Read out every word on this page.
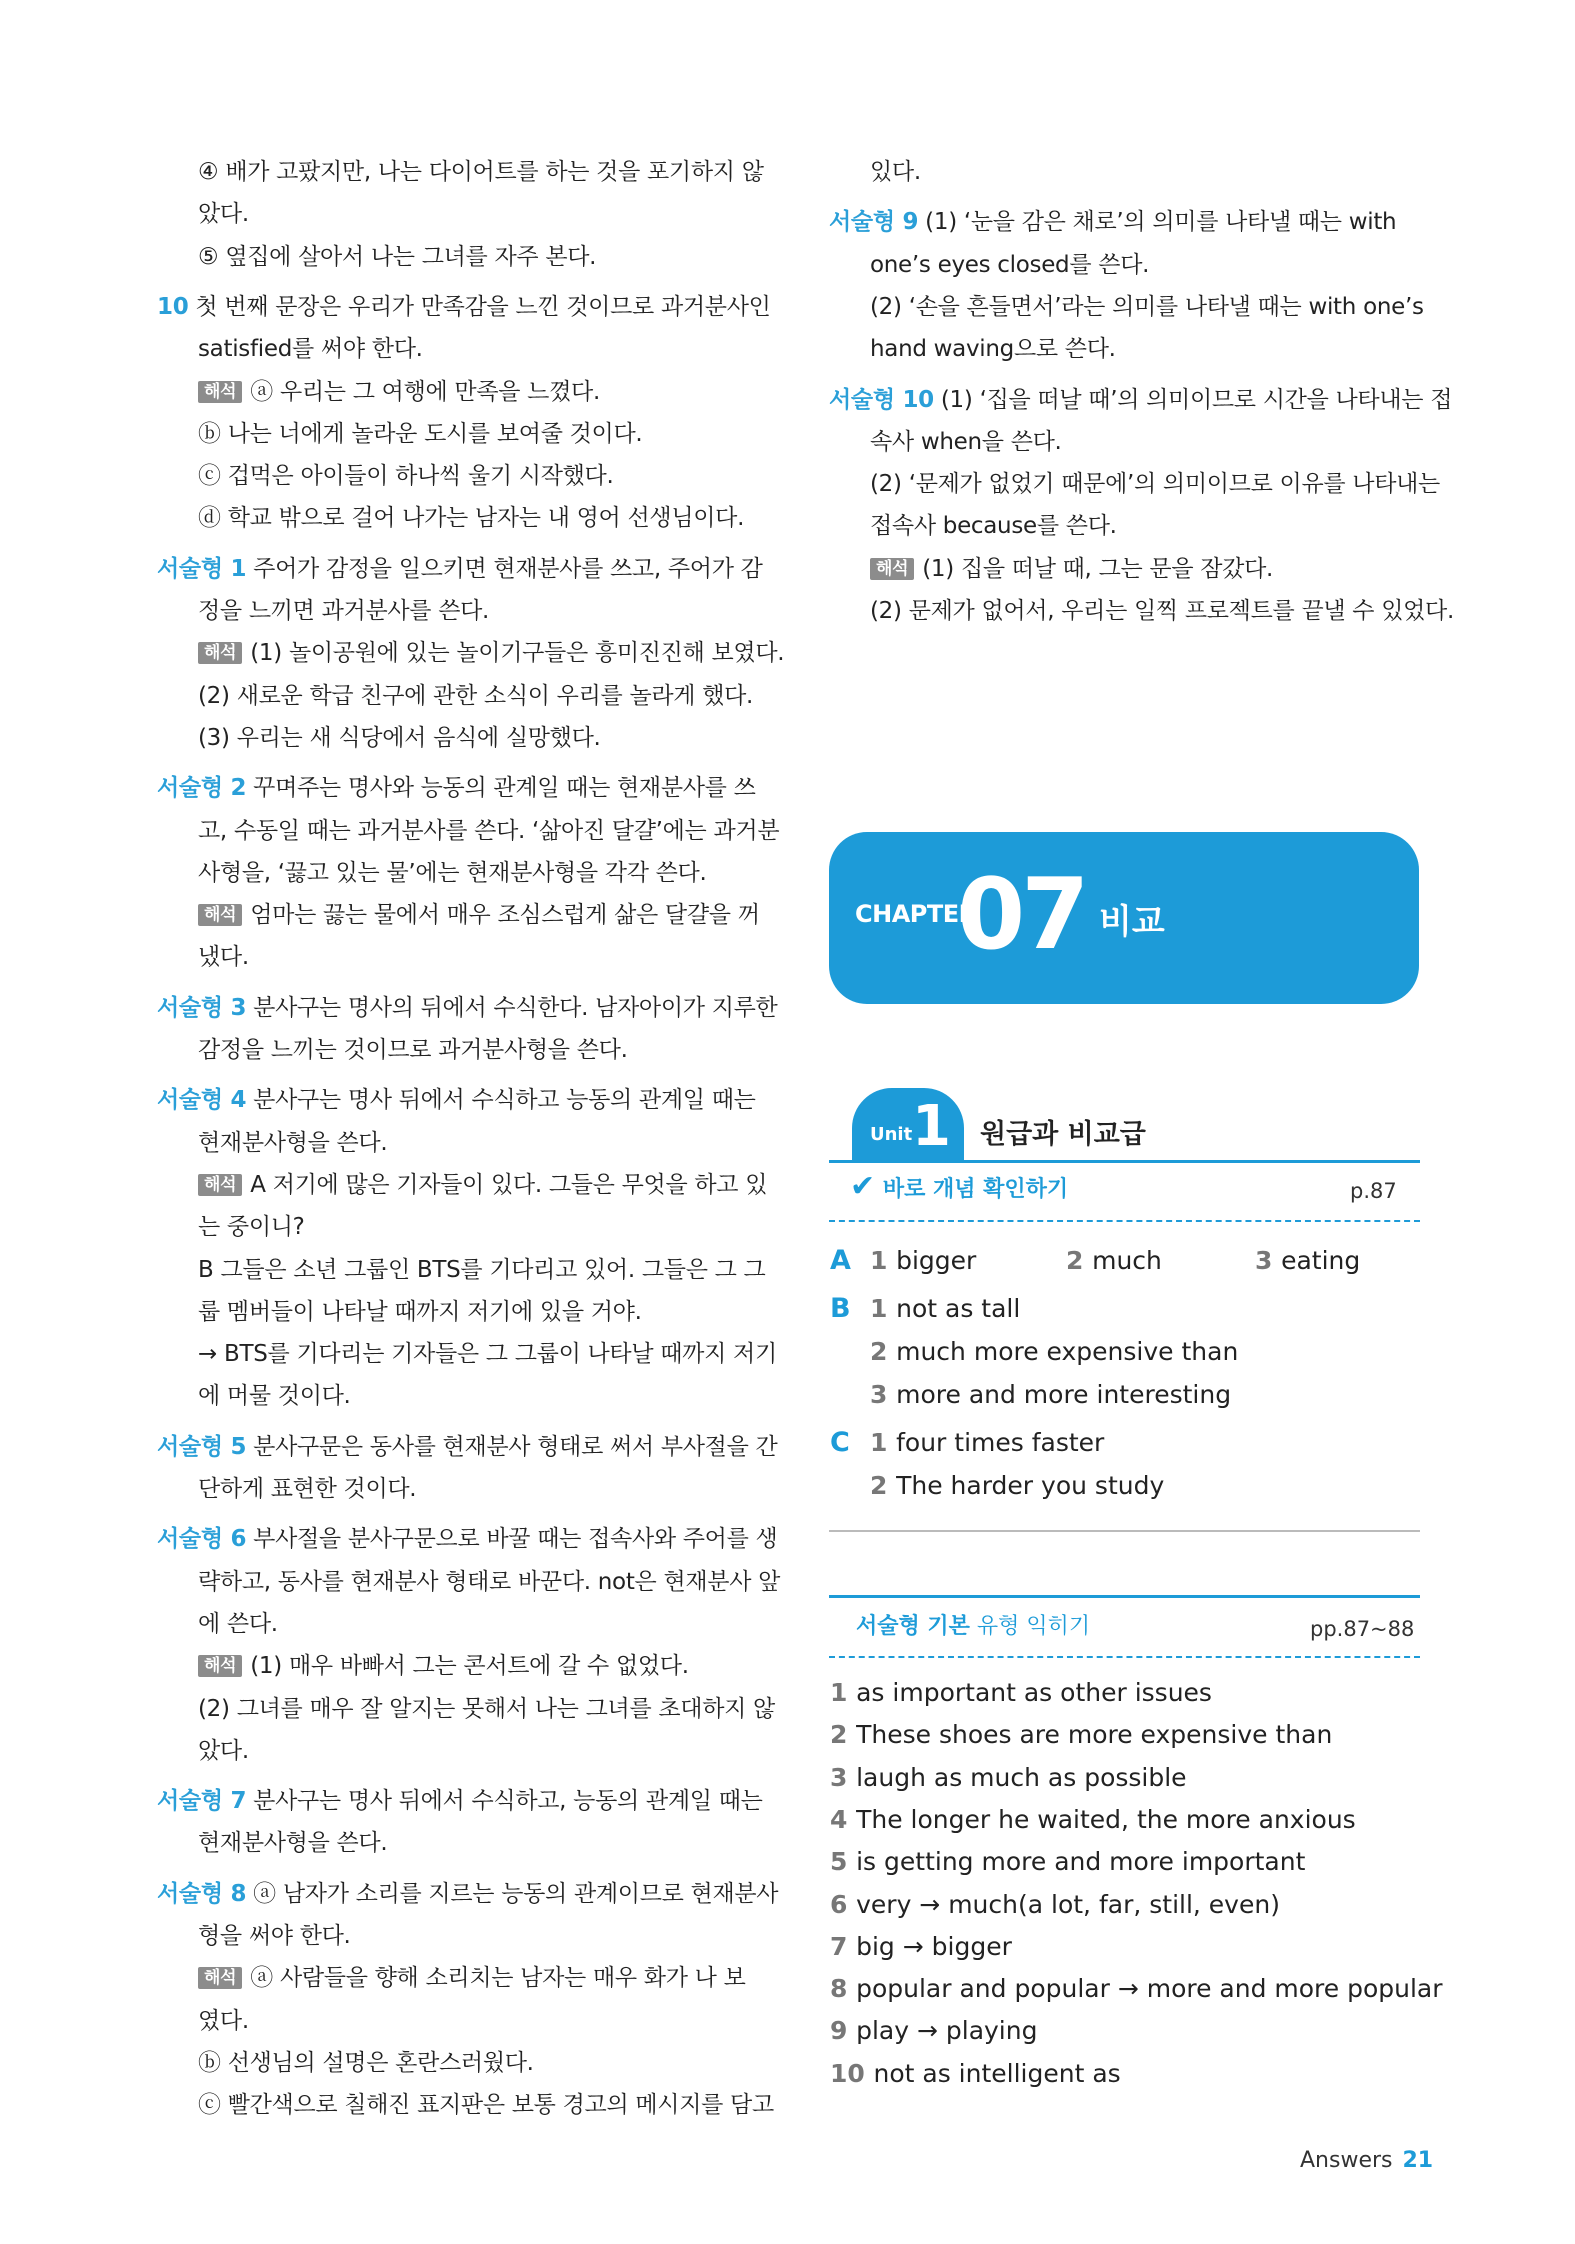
④ 배가 고팠지만, 나는 다이어트를 하는 것을 포기하지 않
았다.
⑤ 옆집에 살아서 나는 그녀를 자주 본다.
10 첫 번째 문장은 우리가 만족감을 느낀 것이므로 과거분사인
satisfied를 써야 한다.
해석 ⓐ 우리는 그 여행에 만족을 느꼈다.
ⓑ 나는 너에게 놀라운 도시를 보여줄 것이다.
ⓒ 겁먹은 아이들이 하나씩 울기 시작했다.
ⓓ 학교 밖으로 걸어 나가는 남자는 내 영어 선생님이다.
서술형 1 주어가 감정을 일으키면 현재분사를 쓰고, 주어가 감
정을 느끼면 과거분사를 쓴다.
해석 (1) 놀이공원에 있는 놀이기구들은 흥미진진해 보였다.
(2) 새로운 학급 친구에 관한 소식이 우리를 놀라게 했다.
(3) 우리는 새 식당에서 음식에 실망했다.
서술형 2 꾸며주는 명사와 능동의 관계일 때는 현재분사를 쓰
고, 수동일 때는 과거분사를 쓴다. ‘삶아진 달걀’에는 과거분
사형을, ‘끓고 있는 물’에는 현재분사형을 각각 쓴다.
해석 엄마는 끓는 물에서 매우 조심스럽게 삶은 달걀을 꺼
냈다.
서술형 3 분사구는 명사의 뒤에서 수식한다. 남자아이가 지루한
감정을 느끼는 것이므로 과거분사형을 쓴다.
서술형 4 분사구는 명사 뒤에서 수식하고 능동의 관계일 때는
현재분사형을 쓴다.
해석 A 저기에 많은 기자들이 있다. 그들은 무엇을 하고 있
는 중이니?
B 그들은 소년 그룹인 BTS를 기다리고 있어. 그들은 그 그
룹 멤버들이 나타날 때까지 저기에 있을 거야.
→ BTS를 기다리는 기자들은 그 그룹이 나타날 때까지 저기
에 머물 것이다.
서술형 5 분사구문은 동사를 현재분사 형태로 써서 부사절을 간
단하게 표현한 것이다.
서술형 6 부사절을 분사구문으로 바꿀 때는 접속사와 주어를 생
략하고, 동사를 현재분사 형태로 바꾼다. not은 현재분사 앞
에 쓴다.
해석 (1) 매우 바빠서 그는 콘서트에 갈 수 없었다.
(2) 그녀를 매우 잘 알지는 못해서 나는 그녀를 초대하지 않
았다.
서술형 7 분사구는 명사 뒤에서 수식하고, 능동의 관계일 때는
현재분사형을 쓴다.
서술형 8 ⓐ 남자가 소리를 지르는 능동의 관계이므로 현재분사
형을 써야 한다.
해석 ⓐ 사람들을 향해 소리치는 남자는 매우 화가 나 보
였다.
ⓑ 선생님의 설명은 혼란스러웠다.
ⓒ 빨간색으로 칠해진 표지판은 보통 경고의 메시지를 담고
있다.
서술형 9 (1) ‘눈을 감은 채로’의 의미를 나타낼 때는 with
one’s eyes closed를 쓴다.
(2) ‘손을 흔들면서’라는 의미를 나타낼 때는 with one’s
hand waving으로 쓴다.
서술형 10 (1) ‘집을 떠날 때’의 의미이므로 시간을 나타내는 접
속사 when을 쓴다.
(2) ‘문제가 없었기 때문에’의 의미이므로 이유를 나타내는
접속사 because를 쓴다.
해석 (1) 집을 떠날 때, 그는 문을 잠갔다.
(2) 문제가 없어서, 우리는 일찍 프로젝트를 끝낼 수 있었다.
CHAPTER
07 비교
Unit 1 원급과 비교급
✔ 바로 개념 확인하기	p.87
A 1 bigger	2 much	3 eating
B 1 not as tall
2 much more expensive than
3 more and more interesting
C 1 four times faster
2 The harder you study
서술형 기본 유형 익히기	pp.87~88
1 as important as other issues
2 These shoes are more expensive than
3 laugh as much as possible
4 The longer he waited, the more anxious
5 is getting more and more important
6 very → much(a lot, far, still, even)
7 big → bigger
8 popular and popular → more and more popular
9 play → playing
10 not as intelligent as
Answers 21
